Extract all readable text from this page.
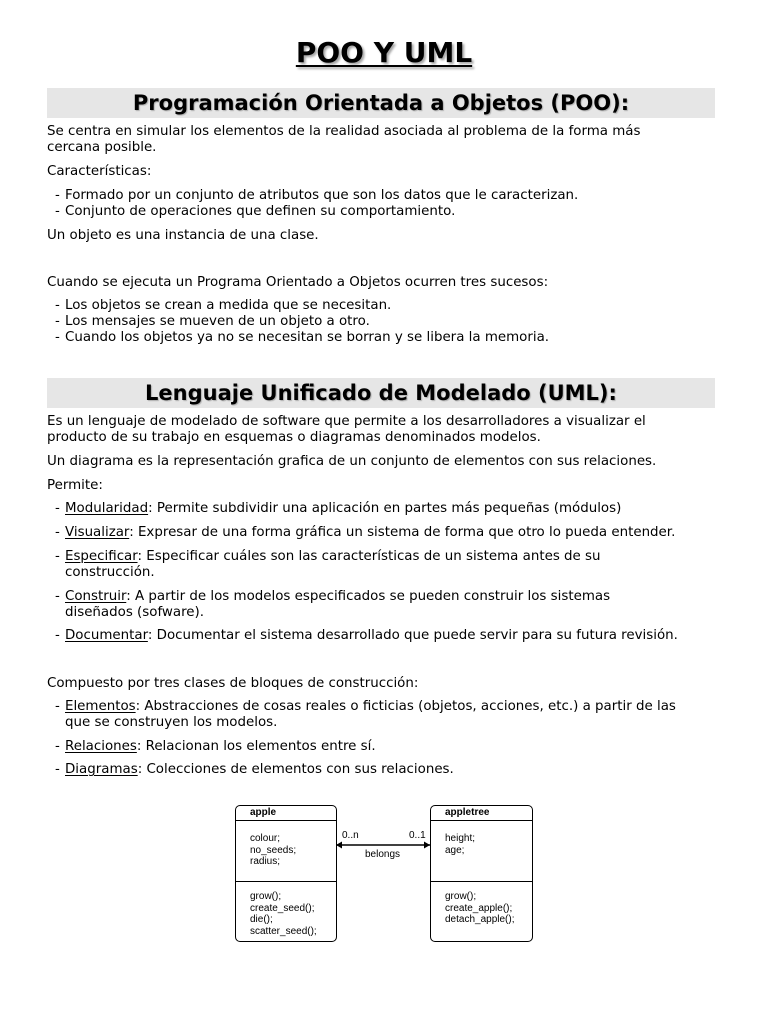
POO Y UML
Programación Orientada a Objetos (POO):
Se centra en simular los elementos de la realidad asociada al problema de la forma más
cercana posible.
Características:
- Formado por un conjunto de atributos que son los datos que le caracterizan.
- Conjunto de operaciones que definen su comportamiento.
Un objeto es una instancia de una clase.
Cuando se ejecuta un Programa Orientado a Objetos ocurren tres sucesos:
- Los objetos se crean a medida que se necesitan.
- Los mensajes se mueven de un objeto a otro.
- Cuando los objetos ya no se necesitan se borran y se libera la memoria.
Lenguaje Unificado de Modelado (UML):
Es un lenguaje de modelado de software que permite a los desarrolladores a visualizar el
producto de su trabajo en esquemas o diagramas denominados modelos.
Un diagrama es la representación grafica de un conjunto de elementos con sus relaciones.
Permite:
- Modularidad: Permite subdividir una aplicación en partes más pequeñas (módulos)
- Visualizar: Expresar de una forma gráfica un sistema de forma que otro lo pueda entender.
- Especificar: Especificar cuáles son las características de un sistema antes de su
construcción.
- Construir: A partir de los modelos especificados se pueden construir los sistemas
diseñados (sofware).
- Documentar: Documentar el sistema desarrollado que puede servir para su futura revisión.
Compuesto por tres clases de bloques de construcción:
- Elementos: Abstracciones de cosas reales o ficticias (objetos, acciones, etc.) a partir de las
que se construyen los modelos.
- Relaciones: Relacionan los elementos entre sí.
- Diagramas: Colecciones de elementos con sus relaciones.
apple
colour;
no_seeds;
radius;
grow();
create_seed();
die();
scatter_seed();
appletree
height;
age;
grow();
create_apple();
detach_apple();
0..n	0..1
belongs
